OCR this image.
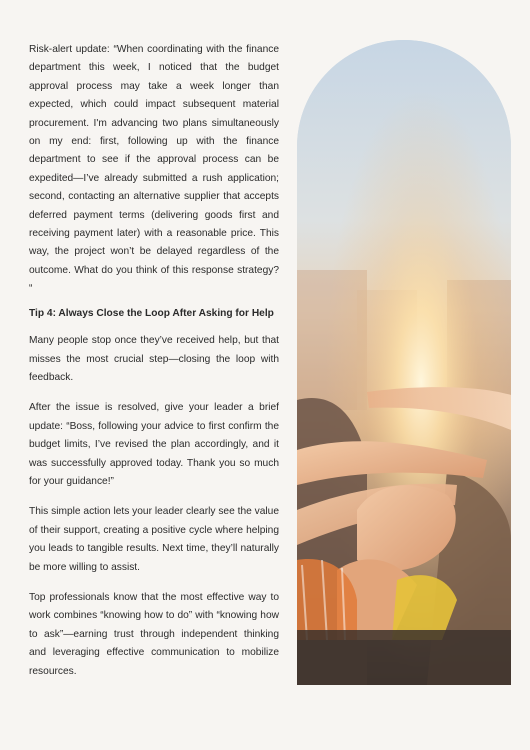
Risk-alert update: “When coordinating with the finance department this week, I noticed that the budget approval process may take a week longer than expected, which could impact subsequent material procurement. I'm advancing two plans simultaneously on my end: first, following up with the finance department to see if the approval process can be expedited—I’ve already submitted a rush application; second, contacting an alternative supplier that accepts deferred payment terms (delivering goods first and receiving payment later) with a reasonable price. This way, the project won’t be delayed regardless of the outcome. What do you think of this response strategy? “

Tip 4: Always Close the Loop After Asking for Help

Many people stop once they’ve received help, but that misses the most crucial step—closing the loop with feedback.

After the issue is resolved, give your leader a brief update: “Boss, following your advice to first confirm the budget limits, I’ve revised the plan accordingly, and it was successfully approved today. Thank you so much for your guidance!”

This simple action lets your leader clearly see the value of their support, creating a positive cycle where helping you leads to tangible results. Next time, they’ll naturally be more willing to assist.

Top professionals know that the most effective way to work combines “knowing how to do” with “knowing how to ask”—earning trust through independent thinking and leveraging effective communication to mobilize resources.
